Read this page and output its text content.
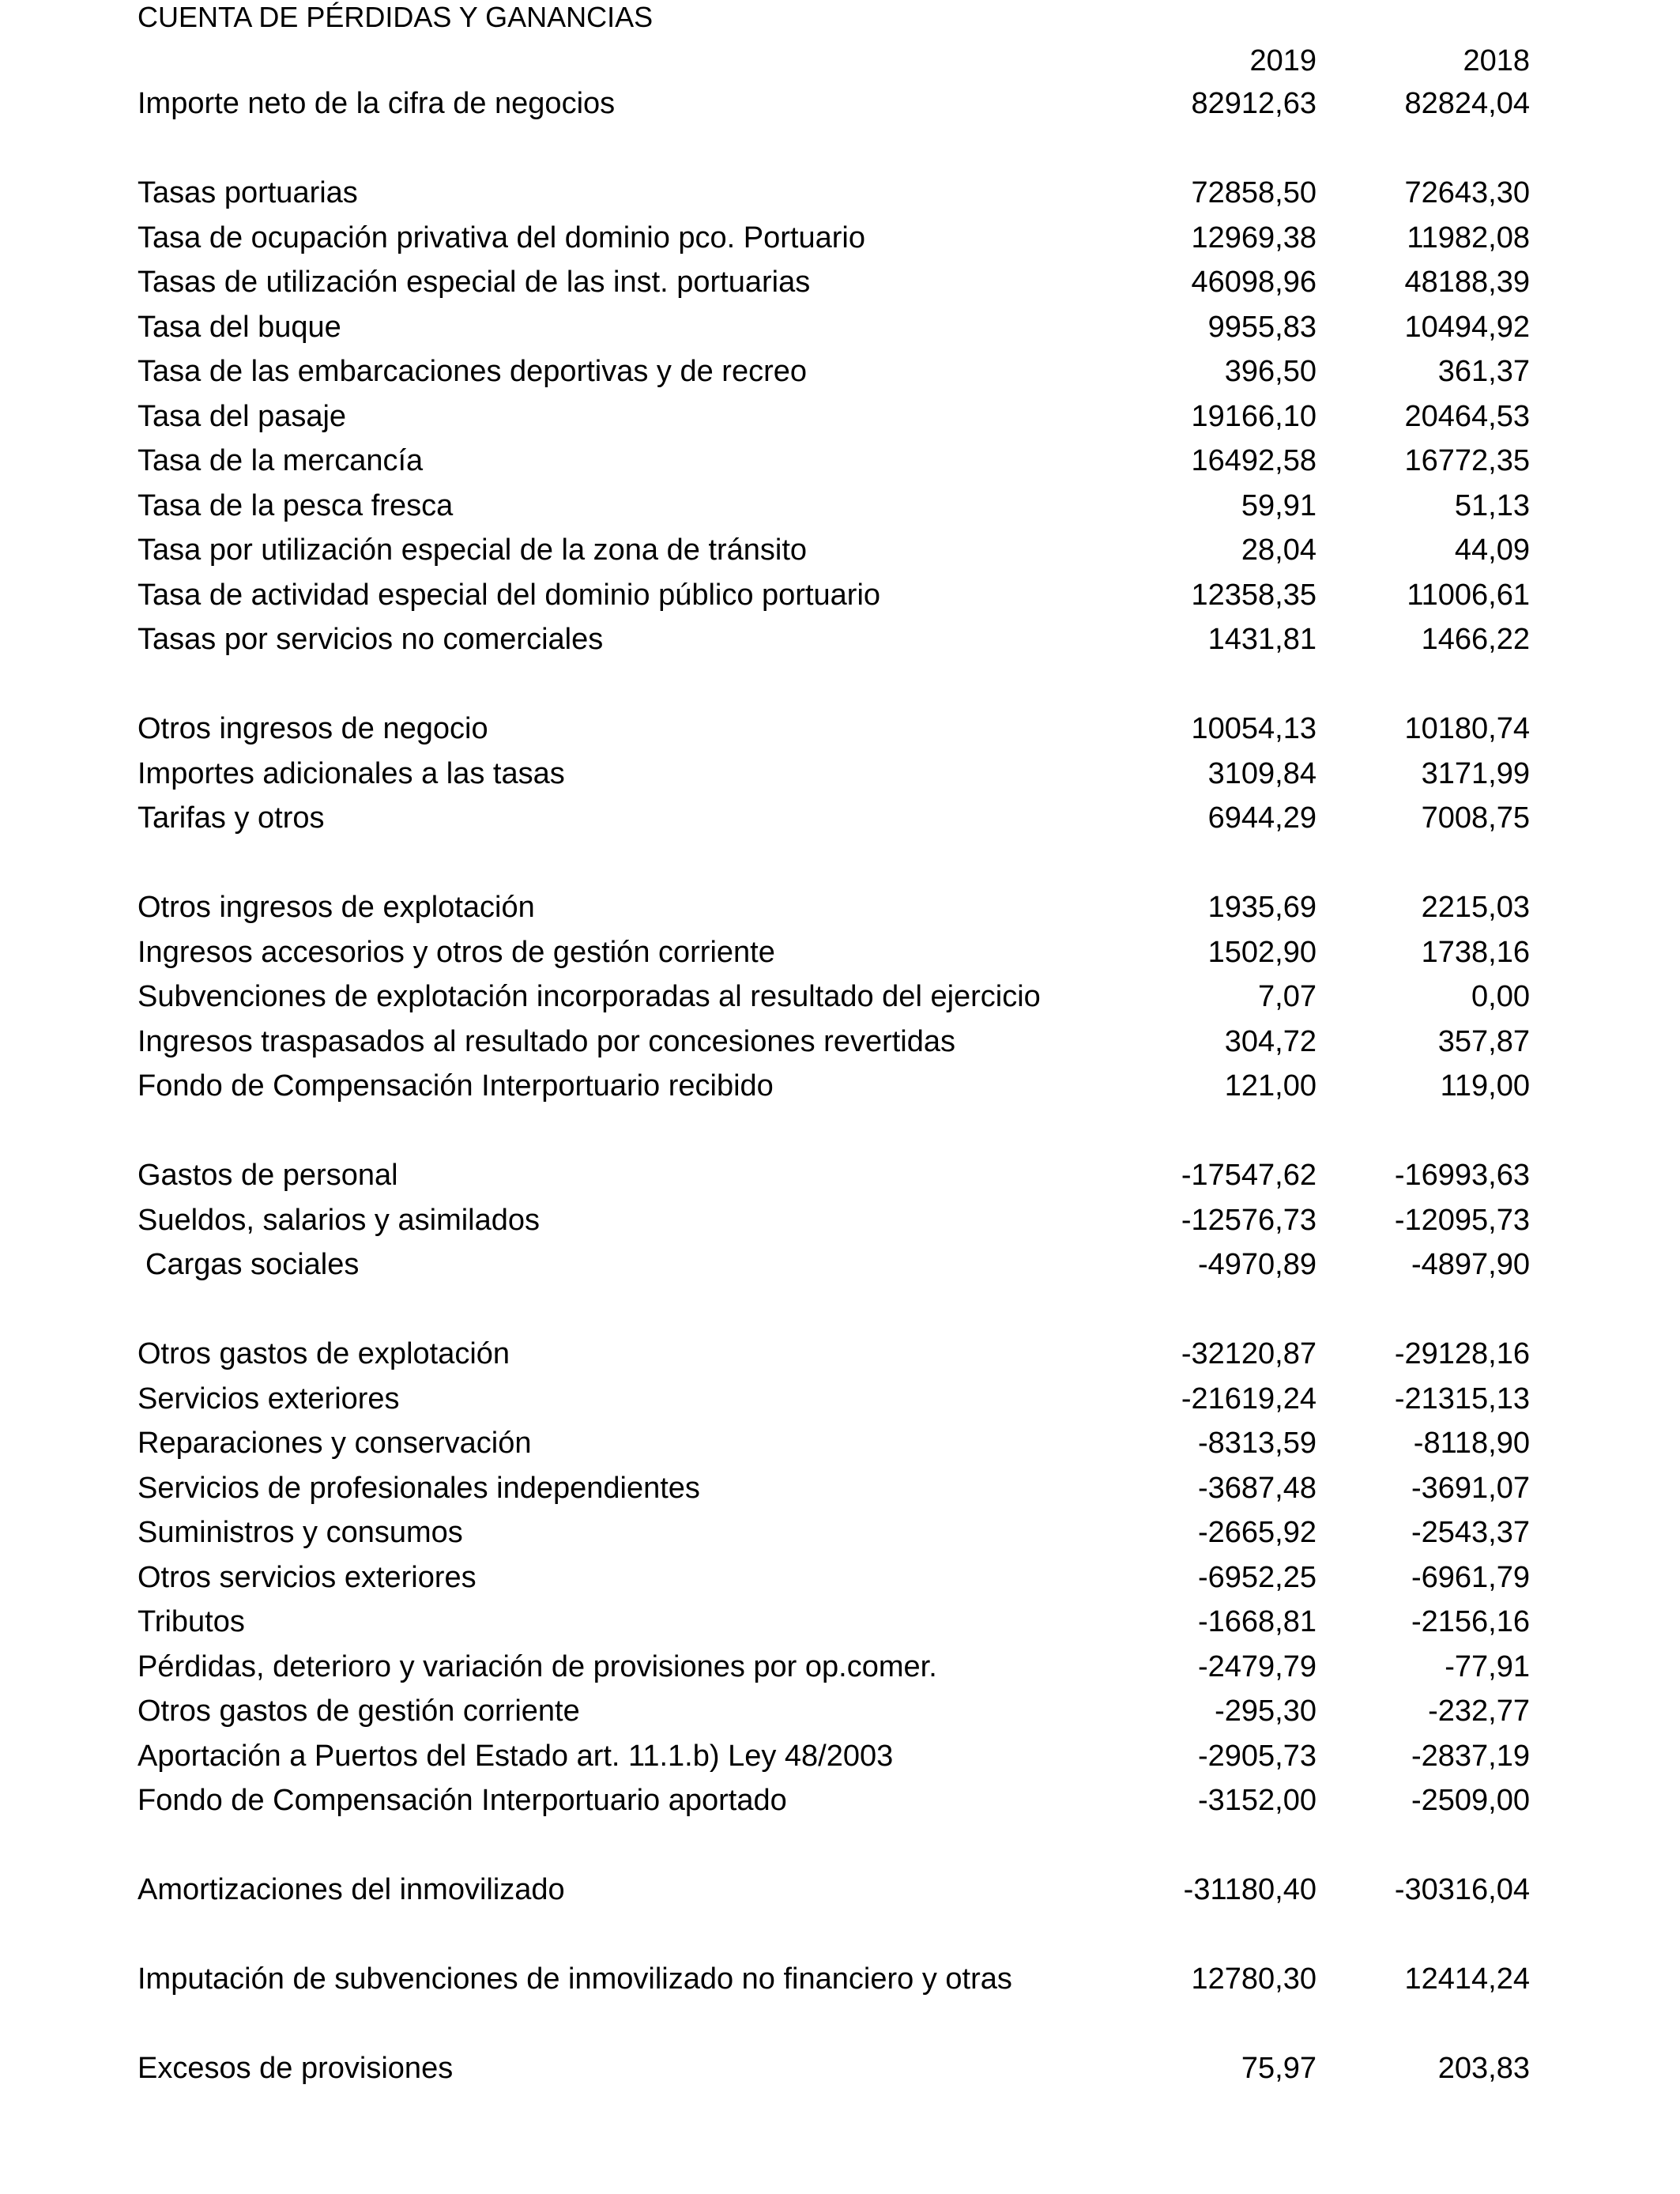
CUENTA DE PÉRDIDAS Y GANANCIAS
2019	2018
Importe neto de la cifra de negocios	82912,63	82824,04
Tasas portuarias	72858,50	72643,30
Tasa de ocupación privativa del dominio pco. Portuario	12969,38	11982,08
Tasas de utilización especial de las inst. portuarias	46098,96	48188,39
Tasa del buque	9955,83	10494,92
Tasa de las embarcaciones deportivas y de recreo	396,50	361,37
Tasa del pasaje	19166,10	20464,53
Tasa de la mercancía	16492,58	16772,35
Tasa de la pesca fresca	59,91	51,13
Tasa por utilización especial de la zona de tránsito	28,04	44,09
Tasa de actividad especial del dominio público portuario	12358,35	11006,61
Tasas por servicios no comerciales	1431,81	1466,22
Otros ingresos de negocio	10054,13	10180,74
Importes adicionales a las tasas	3109,84	3171,99
Tarifas y otros	6944,29	7008,75
Otros ingresos de explotación	1935,69	2215,03
Ingresos accesorios y otros de gestión corriente	1502,90	1738,16
Subvenciones de explotación incorporadas al resultado del ejercicio	7,07	0,00
Ingresos traspasados al resultado por concesiones revertidas	304,72	357,87
Fondo de Compensación Interportuario recibido	121,00	119,00
Gastos de personal	-17547,62	-16993,63
Sueldos, salarios y asimilados	-12576,73	-12095,73
Cargas sociales	-4970,89	-4897,90
Otros gastos de explotación	-32120,87	-29128,16
Servicios exteriores	-21619,24	-21315,13
Reparaciones y conservación	-8313,59	-8118,90
Servicios de profesionales independientes	-3687,48	-3691,07
Suministros y consumos	-2665,92	-2543,37
Otros servicios exteriores	-6952,25	-6961,79
Tributos	-1668,81	-2156,16
Pérdidas, deterioro y variación de provisiones por op.comer.	-2479,79	-77,91
Otros gastos de gestión corriente	-295,30	-232,77
Aportación a Puertos del Estado art. 11.1.b) Ley 48/2003	-2905,73	-2837,19
Fondo de Compensación Interportuario aportado	-3152,00	-2509,00
Amortizaciones del inmovilizado	-31180,40	-30316,04
Imputación de subvenciones de inmovilizado no financiero y otras	12780,30	12414,24
Excesos de provisiones	75,97	203,83
